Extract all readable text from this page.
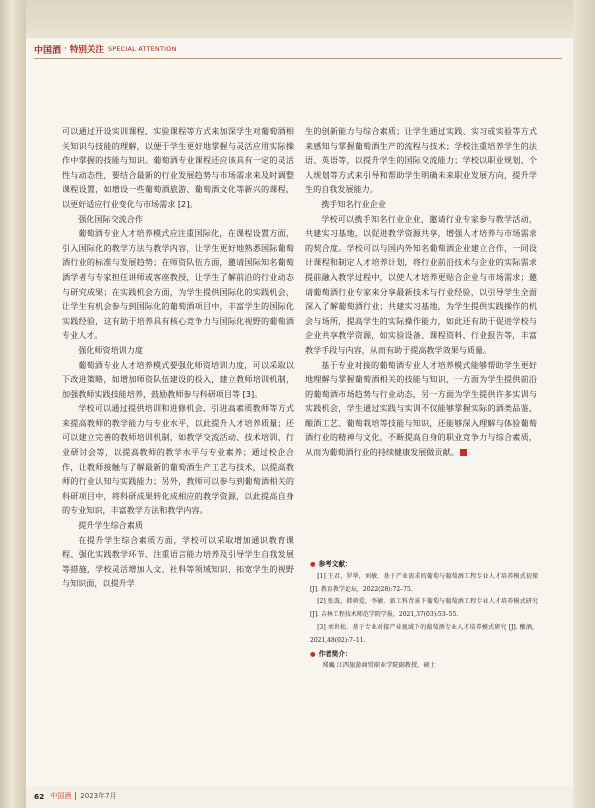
中国酒 · 特别关注 SPECIAL ATTENTION

可以通过开设实训课程、实验课程等方式来加深学生对葡萄酒相关知识与技能的理解，以便于学生更好地掌握与灵活应用实际操作中掌握的技能与知识。葡萄酒专业课程还应该具有一定的灵活性与动态性，要结合最新的行业发展趋势与市场需求来及时调整课程设置，如增设一些葡萄酒旅游、葡萄酒文化等新兴的课程，以更好适应行业变化与市场需求 [2]。

强化国际交流合作

葡萄酒专业人才培养模式应注重国际化，在课程设置方面，引入国际化的教学方法与教学内容，让学生更好地熟悉国际葡萄酒行业的标准与发展趋势；在师资队伍方面，邀请国际知名葡萄酒学者与专家担任讲师或客座教授，让学生了解前沿的行业动态与研究成果；在实践机会方面，为学生提供国际化的实践机会，让学生有机会参与到国际化的葡萄酒项目中，丰富学生的国际化实践经验，这有助于培养具有核心竞争力与国际化视野的葡萄酒专业人才。

强化师资培训力度

葡萄酒专业人才培养模式要强化师资培训力度，可以采取以下改进策略，如增加师资队伍建设的投入，建立教师培训机制，加强教师实践技能培养，鼓励教师参与科研项目等 [3]。

学校可以通过提供培训和进修机会、引进高素质教师等方式来提高教师的教学能力与专业水平，以此提升人才培养质量；还可以建立完善的教师培训机制，如教学交流活动、技术培训、行业研讨会等，以提高教师的教学水平与专业素养；通过校企合作，让教师接触与了解最新的葡萄酒生产工艺与技术，以提高教师的行业认知与实践能力；另外，教师可以参与到葡萄酒相关的科研项目中，将科研成果转化成相应的教学资源，以此提高自身的专业知识，丰富教学方法和教学内容。

提升学生综合素质

在提升学生综合素质方面，学校可以采取增加通识教育课程、强化实践教学环节、注重语言能力培养及引导学生自我发展等措施，学校灵活增加人文、社科等领域知识，拓宽学生的视野与知识面，以提升学

生的创新能力与综合素质；让学生通过实践、实习或实验等方式来感知与掌握葡萄酒生产的流程与技术；学校注重培养学生的法语、英语等，以提升学生的国际交流能力；学校以职业规划、个人规划等方式来引导和帮助学生明确未来职业发展方向，提升学生的自我发展能力。

携手知名行业企业

学校可以携手知名行业企业，邀请行业专家参与教学活动，共建实习基地，以促进教学资源共享，增强人才培养与市场需求的契合度。学校可以与国内外知名葡萄酒企业建立合作，一同设计课程和制定人才培养计划，将行业前沿技术与企业的实际需求提前融入教学过程中，以使人才培养更贴合企业与市场需求；邀请葡萄酒行业专家来分享最新技术与行业经验，以引导学生全面深入了解葡萄酒行业；共建实习基地，为学生提供实践操作的机会与场所，提高学生的实际操作能力，如此还有助于促进学校与企业共享教学资源，如实验设备、课程资料、行业报告等，丰富教学手段与内容，从而有助于提高教学效果与质量。

基于专业对接的葡萄酒专业人才培养模式能够帮助学生更好地理解与掌握葡萄酒相关的技能与知识，一方面为学生提供前沿的葡萄酒市场趋势与行业动态，另一方面为学生提供许多实训与实践机会，学生通过实践与实训不仅能够掌握实际的酒类品鉴、酿酒工艺、葡萄栽培等技能与知识，还能够深入理解与体验葡萄酒行业的精神与文化，不断提高自身的职业竞争力与综合素质，从而为葡萄酒行业的持续健康发展做贡献。

● 参考文献：
[1] 王君，罗华，刘敏．基于产业需求的葡萄与葡萄酒工程专业人才培养模式初探 [J]. 教育教学论坛，2022(28):72–75.
[2] 张波，韩舜爱，李敏．新工科背景下葡萄与葡萄酒工程专业人才培养模式研究 [J]. 吉林工程技术师范学院学报，2021,37(03):53–55.
[3] 刘世松．基于专业对接产业视域下的葡萄酒专业人才培养模式研究 [J]. 酿酒，2021,48(02):7–11.
● 作者简介：
郑巍 江西旅游商贸职业学院副教授，硕士
62 中国酒 2023年7月
